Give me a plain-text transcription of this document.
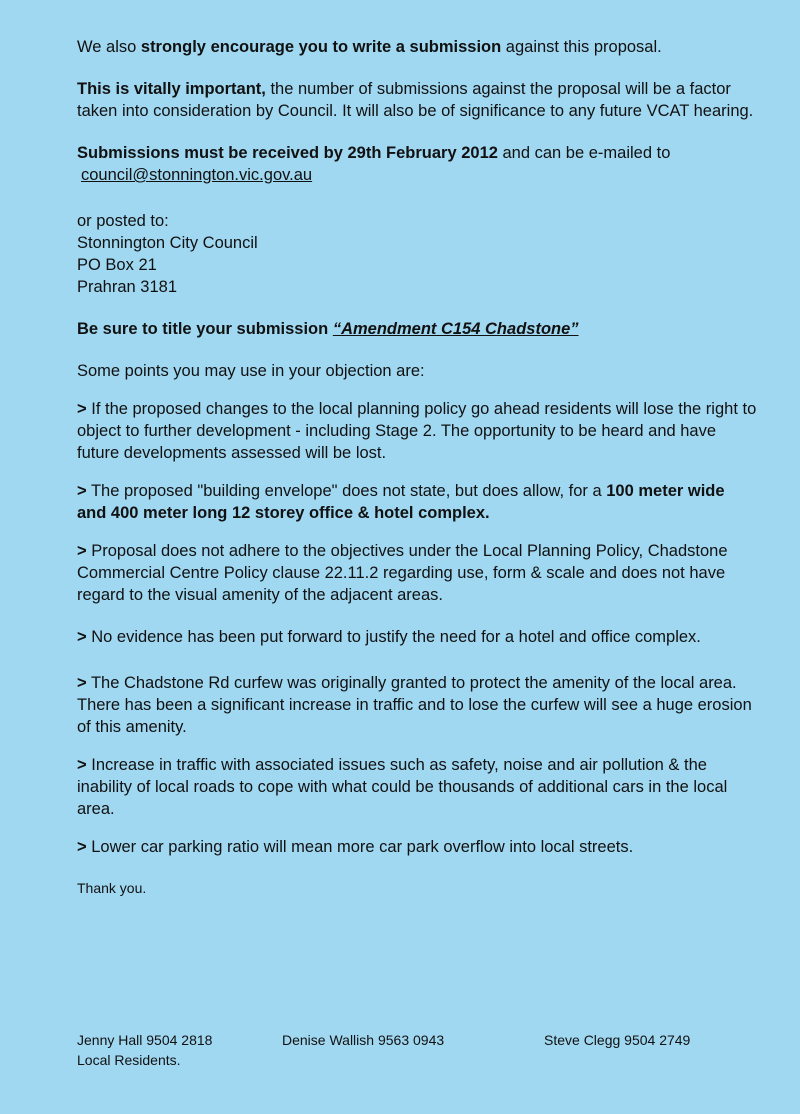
We also strongly encourage you to write a submission against this proposal.

This is vitally important, the number of submissions against the proposal will be a factor taken into consideration by Council. It will also be of significance to any future VCAT hearing.

Submissions must be received by 29th February 2012 and can be e-mailed to

council@stonnington.vic.gov.au

or posted to:

Stonnington City Council

PO Box 21

Prahran 3181

Be sure to title your submission “Amendment C154 Chadstone”

Some points you may use in your objection are:

> If the proposed changes to the local planning policy go ahead residents will lose the right to object to further development - including Stage 2. The opportunity to be heard and have future developments assessed will be lost.

> The proposed "building envelope" does not state, but does allow, for a 100 meter wide and 400 meter long 12 storey office & hotel complex.

> Proposal does not adhere to the objectives under the Local Planning Policy, Chadstone Commercial Centre Policy clause 22.11.2 regarding use, form & scale and does not have regard to the visual amenity of the adjacent areas.

> No evidence has been put forward to justify the need for a hotel and office complex.

> The Chadstone Rd curfew was originally granted to protect the amenity of the local area. There has been a significant increase in traffic and to lose the curfew will see a huge erosion of this amenity.

> Increase in traffic with associated issues such as safety, noise and air pollution & the inability of local roads to cope with what could be thousands of additional cars in the local area.

> Lower car parking ratio will mean more car park overflow into local streets.

Thank you.

Jenny Hall 9504 2818	Denise Wallish 9563 0943	Steve Clegg 9504 2749
Local Residents.
